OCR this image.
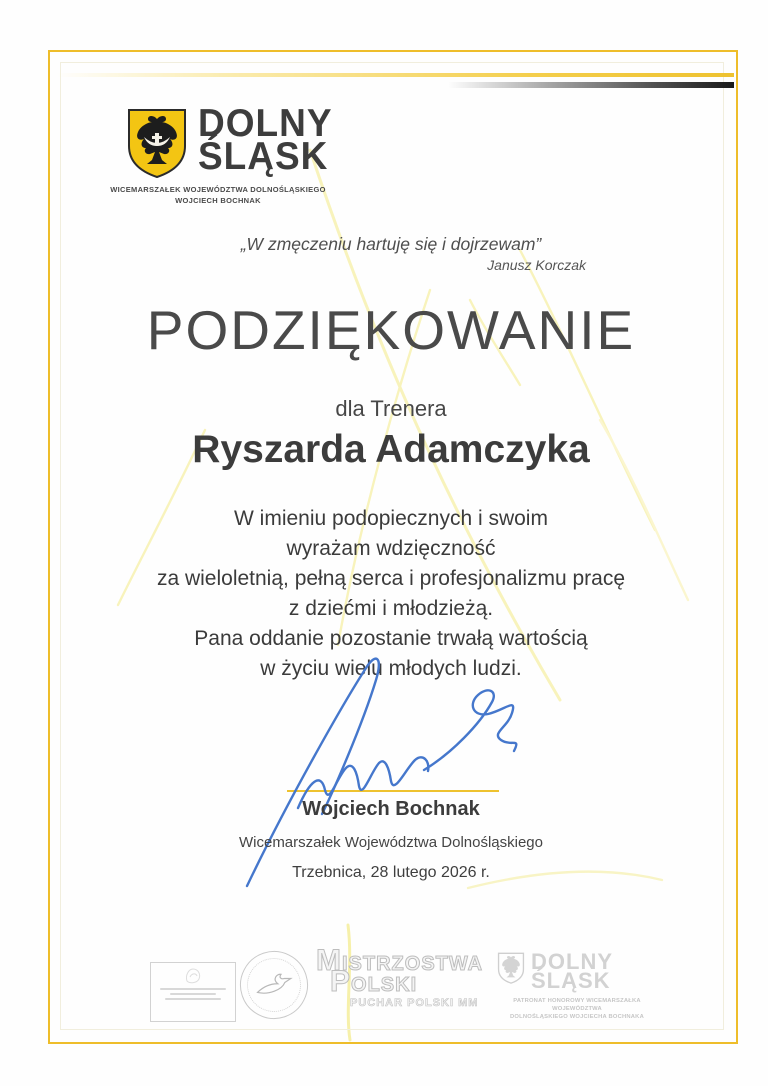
DOLNY
ŚLĄSK
WICEMARSZAŁEK WOJEWÓDZTWA DOLNOŚLĄSKIEGO
WOJCIECH BOCHNAK
„W zmęczeniu hartuję się i dojrzewam”
Janusz Korczak
PODZIĘKOWANIE
dla Trenera
Ryszarda Adamczyka
W imieniu podopiecznych i swoim
wyrażam wdzięczność
za wieloletnią, pełną serca i profesjonalizmu pracę
z dziećmi i młodzieżą.
Pana oddanie pozostanie trwałą wartością
w życiu wielu młodych ludzi.
Wojciech Bochnak
Wicemarszałek Województwa Dolnośląskiego
Trzebnica, 28 lutego 2026 r.
MISTRZOSTWA
POLSKI
PUCHAR POLSKI MM
DOLNY
ŚLĄSK
PATRONAT HONOROWY WICEMARSZAŁKA WOJEWÓDZTWA
DOLNOŚLĄSKIEGO WOJCIECHA BOCHNAKA
